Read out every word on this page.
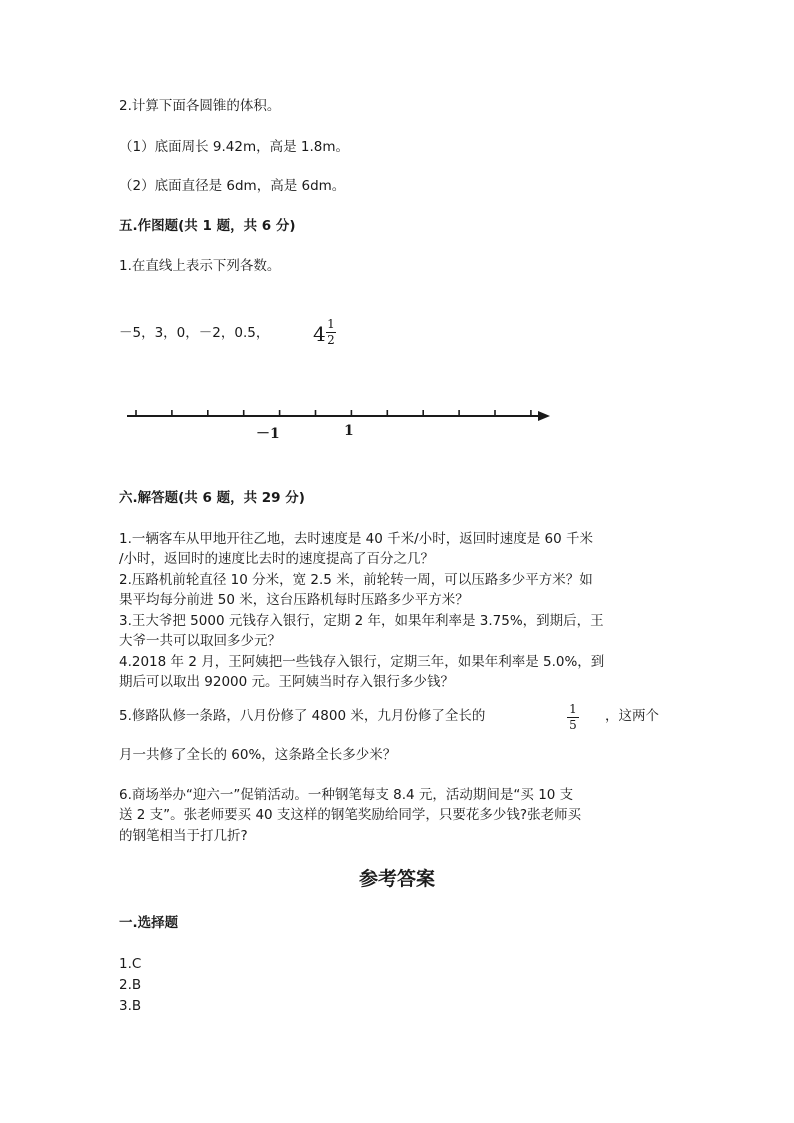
2.计算下面各圆锥的体积。
（1）底面周长 9.42m，高是 1.8m。
（2）底面直径是 6dm，高是 6dm。
五.作图题(共 1 题，共 6 分)
1.在直线上表示下列各数。
－5，3，0，－2，0.5， 4 1
2
－1	1
六.解答题(共 6 题，共 29 分)
1.一辆客车从甲地开往乙地，去时速度是 40 千米/小时，返回时速度是 60 千米
/小时，返回时的速度比去时的速度提高了百分之几？
2.压路机前轮直径 10 分米，宽 2.5 米，前轮转一周，可以压路多少平方米？如
果平均每分前进 50 米，这台压路机每时压路多少平方米？
3.王大爷把 5000 元钱存入银行，定期 2 年，如果年利率是 3.75%，到期后，王
大爷一共可以取回多少元？
4.2018 年 2 月，王阿姨把一些钱存入银行，定期三年，如果年利率是 5.0%，到
期后可以取出 92000 元。王阿姨当时存入银行多少钱？
5.修路队修一条路，八月份修了 4800 米，九月份修了全长的	1
5
，这两个
月一共修了全长的 60%，这条路全长多少米？
6.商场举办“迎六一”促销活动。一种钢笔每支 8.4 元，活动期间是“买 10 支
送 2 支”。张老师要买 40 支这样的钢笔奖励给同学，只要花多少钱?张老师买
的钢笔相当于打几折?
参考答案
一.选择题
1.C
2.B
3.B
